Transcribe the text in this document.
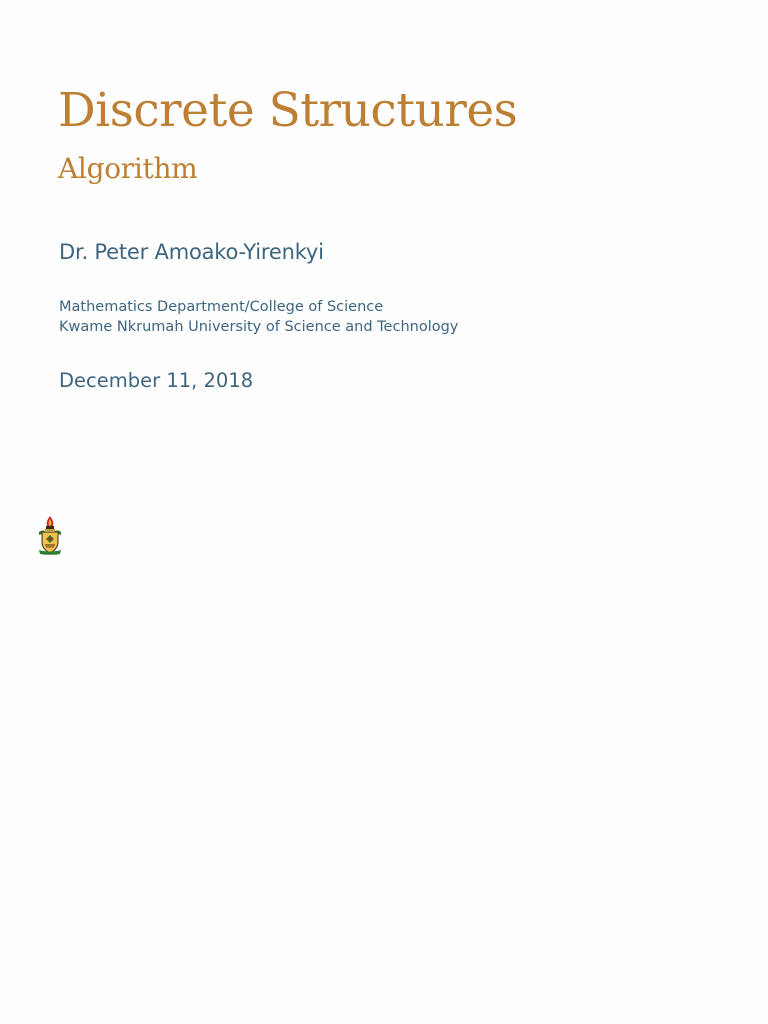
Discrete Structures
Algorithm
Dr. Peter Amoako-Yirenkyi
Mathematics Department/College of Science
Kwame Nkrumah University of Science and Technology
December 11, 2018
